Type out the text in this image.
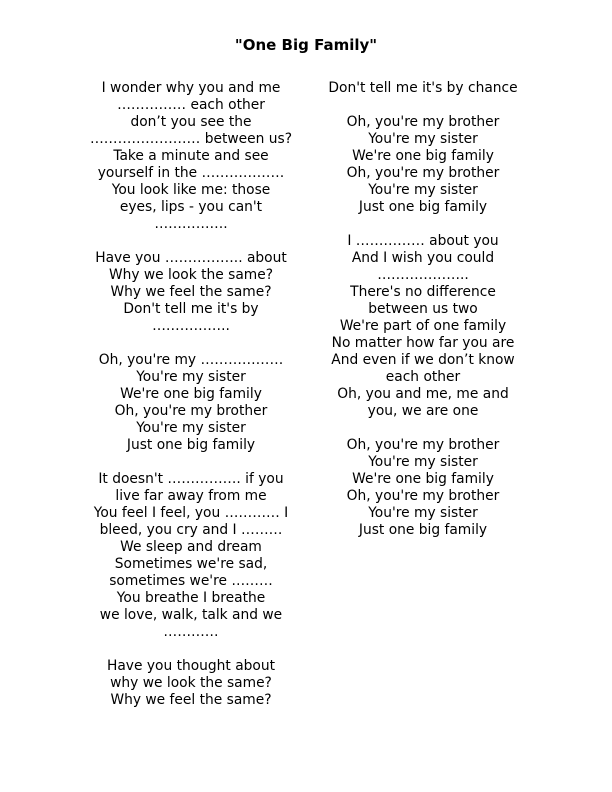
"One Big Family"
I wonder why you and me
…………… each other
don’t you see the
…………………… between us?
Take a minute and see
yourself in the ………………
You look like me: those
eyes, lips - you can't
…………….
Have you …………….. about
Why we look the same?
Why we feel the same?
Don't tell me it's by
……………..
Oh, you're my ………………
You're my sister
We're one big family
Oh, you're my brother
You're my sister
Just one big family
It doesn't ……………. if you
live far away from me
You feel I feel, you ………… I
bleed, you cry and I ………
We sleep and dream
Sometimes we're sad,
sometimes we're ………
You breathe I breathe
we love, walk, talk and we
…………
Have you thought about
why we look the same?
Why we feel the same?
Don't tell me it's by chance
Oh, you're my brother
You're my sister
We're one big family
Oh, you're my brother
You're my sister
Just one big family
I …………… about you
And I wish you could
………………..
There's no difference
between us two
We're part of one family
No matter how far you are
And even if we don’t know
each other
Oh, you and me, me and
you, we are one
Oh, you're my brother
You're my sister
We're one big family
Oh, you're my brother
You're my sister
Just one big family
